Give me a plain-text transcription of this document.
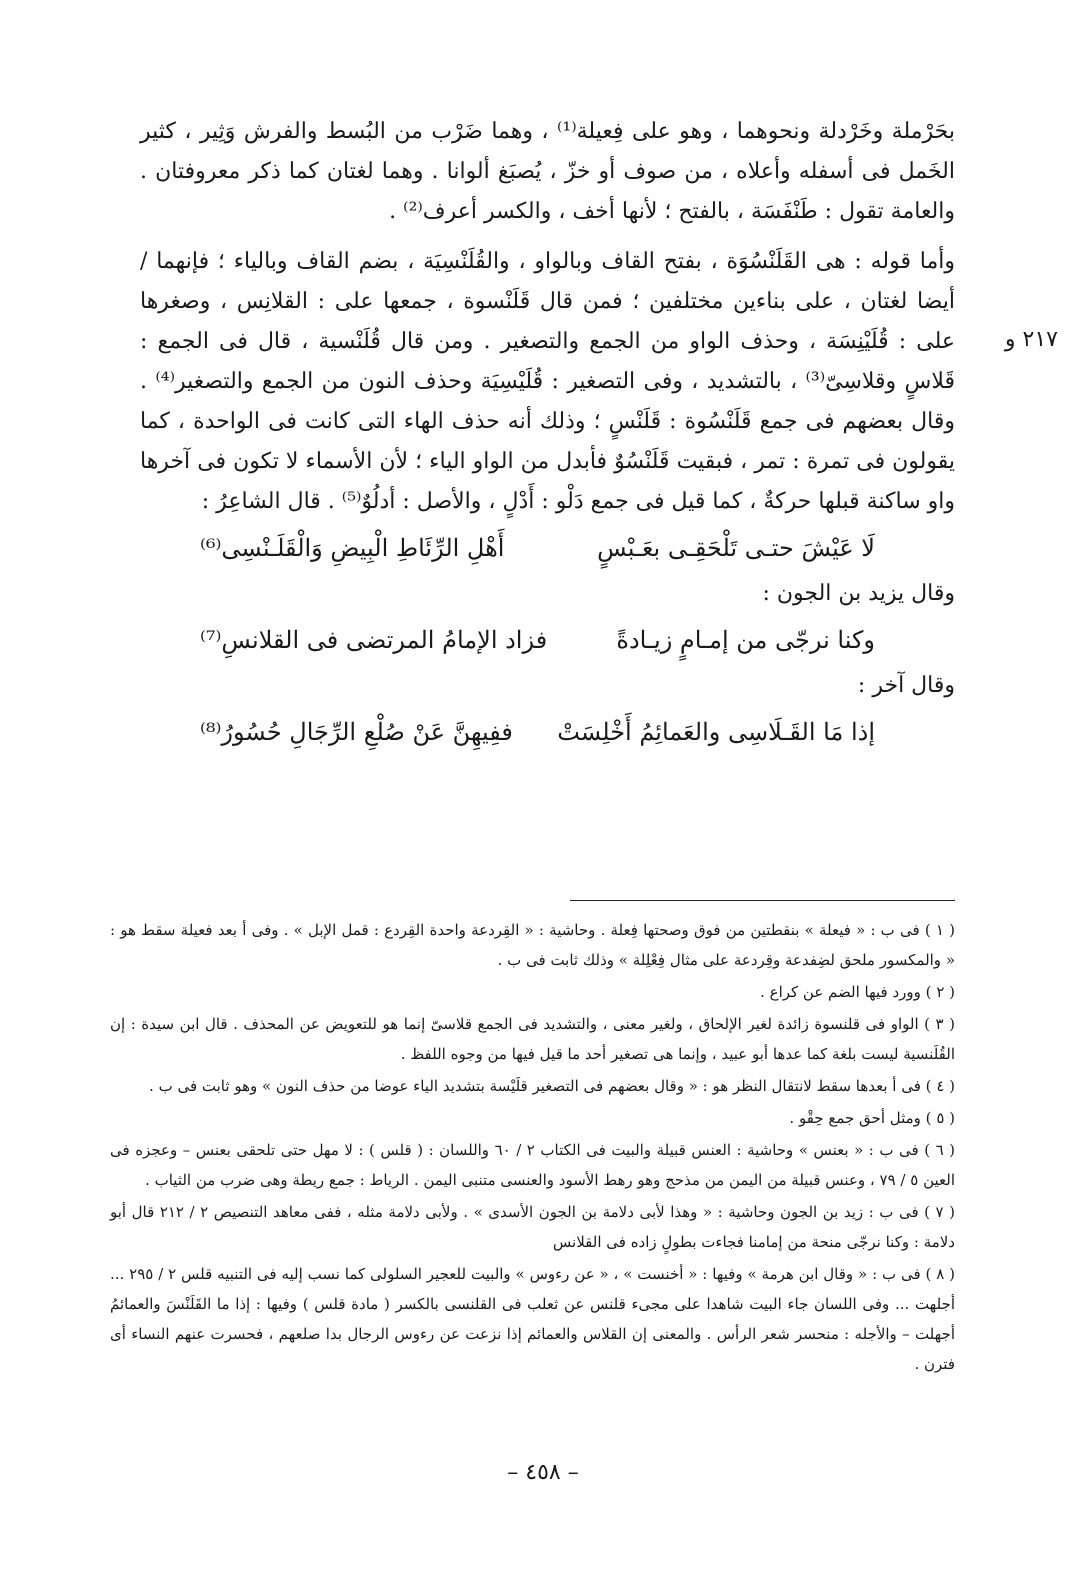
بحَرْملة وخَرْدلة ونحوهما ، وهو على فِعيلة⁽¹⁾ ، وهما ضَرْب من البُسط والفرش وَثِير ، كثير الخَمل فى أسفله وأعلاه ، من صوف أو خزّ ، يُصبَغ ألوانا . وهما لغتان كما ذكر معروفتان . والعامة تقول : طَنْفَسَة ، بالفتح ؛ لأنها أخف ، والكسر أعرف⁽²⁾ .

وأما قوله : هى القَلَنْسُوَة ، بفتح القاف وبالواو ، والقُلَنْسِيَة ، بضم القاف وبالياء ؛ فإنهما / أيضا لغتان ، على بناءين مختلفين ؛ فمن قال قَلَنْسوة ، جمعها على : القلانِس ، وصغرها على : قُلَيْنِسَة ، وحذف الواو من الجمع والتصغير . ومن قال قُلَنْسية ، قال فى الجمع : قَلاسٍ وقلاسِىّ⁽³⁾ ، بالتشديد ، وفى التصغير : قُلَيْسِيَة وحذف النون من الجمع والتصغير⁽⁴⁾ . وقال بعضهم فى جمع قَلَنْسُوة : قَلَنْسٍ ؛ وذلك أنه حذف الهاء التى كانت فى الواحدة ، كما يقولون فى تمرة : تمر ، فبقيت قَلَنْسُوٌ فأبدل من الواو الياء ؛ لأن الأسماء لا تكون فى آخرها واو ساكنة قبلها حركةٌ ، كما قيل فى جمع دَلْو : أَدْلٍ ، والأصل : أدلُوٌ⁽⁵⁾ . قال الشاعِرُ :

لَا عَيْشَ حتـى تَلْحَقِـى بعَـبْسٍ
أَهْلِ الرِّئَاطِ الْبِيضِ وَالْقَلَـنْسِى⁽⁶⁾

وقال يزيد بن الجون :

وكنا نرجّى من إمـامٍ زيـادةً
فزاد الإمامُ المرتضى فى القلانسِ⁽⁷⁾

وقال آخر :

إذا مَا القَـلَاسِى والعَمائِمُ أَخْلِسَتْ
ففِيهِنَّ عَنْ صُلْعِ الرِّجَالِ حُسُورُ⁽⁸⁾
٢١٧ و

( ١ ) فى ب : « فيعلة » بنقطتين من فوق وصحتها فِعلة . وحاشية : « القِردعة واحدة القِردع : قمل الإبل » . وفى أ بعد فعيلة سقط هو : « والمكسور ملحق لضِفدعة وقِردعة على مثال فِعْلِلة » وذلك ثابت فى ب .

( ٢ ) وورد فيها الضم عن كراع .

( ٣ ) الواو فى قلنسوة زائدة لغير الإلحاق ، ولغير معنى ، والتشديد فى الجمع قلاسىّ إنما هو للتعويض عن المحذف . قال ابن سيدة : إن القُلَنسية ليست بلغة كما عدها أبو عبيد ، وإنما هى تصغير أحد ما قيل فيها من وجوه اللفظ .

( ٤ ) فى أ بعدها سقط لانتقال النظر هو : « وقال بعضهم فى التصغير قلَيْسة بتشديد الياء عوضا من حذف النون » وهو ثابت فى ب .

( ٥ ) ومثل أحق جمع حِقْو .

( ٦ ) فى ب : « بعنس » وحاشية : العنس قبيلة والبيت فى الكتاب ٢ / ٦٠ واللسان : ( قلس ) : لا مهل حتى تلحقى بعنس – وعجزه فى العين ٥ / ٧٩ ، وعنس قبيلة من اليمن من مذحج وهو رهط الأسود والعنسى متنبى اليمن . الرياط : جمع ريطة وهى ضرب من الثياب .

( ٧ ) فى ب : زيد بن الجون وحاشية : « وهذا لأبى دلامة بن الجون الأسدى » . ولأبى دلامة مثله ، ففى معاهد التنصيص ٢ / ٢١٢ قال أبو دلامة : وكنا نرجّى منحة من إمامنا فجاءت بطولٍ زاده فى القلانس

( ٨ ) فى ب : « وقال ابن هرمة » وفيها : « أخنست » ، « عن رءوس » والبيت للعجير السلولى كما نسب إليه فى التنبيه قلس ٢ / ٢٩٥ ... أجلهت ... وفى اللسان جاء البيت شاهدا على مجىء قلنس عن ثعلب فى القلنسى بالكسر ( مادة قلس ) وفيها : إذا ما القَلَنْسَ والعمائمُ أجهلت – والأجله : منحسر شعر الرأس . والمعنى إن القلاس والعمائم إذا نزعت عن رءوس الرجال بدا صلعهم ، فحسرت عنهم النساء أى فترن .

– ٤٥٨ –
